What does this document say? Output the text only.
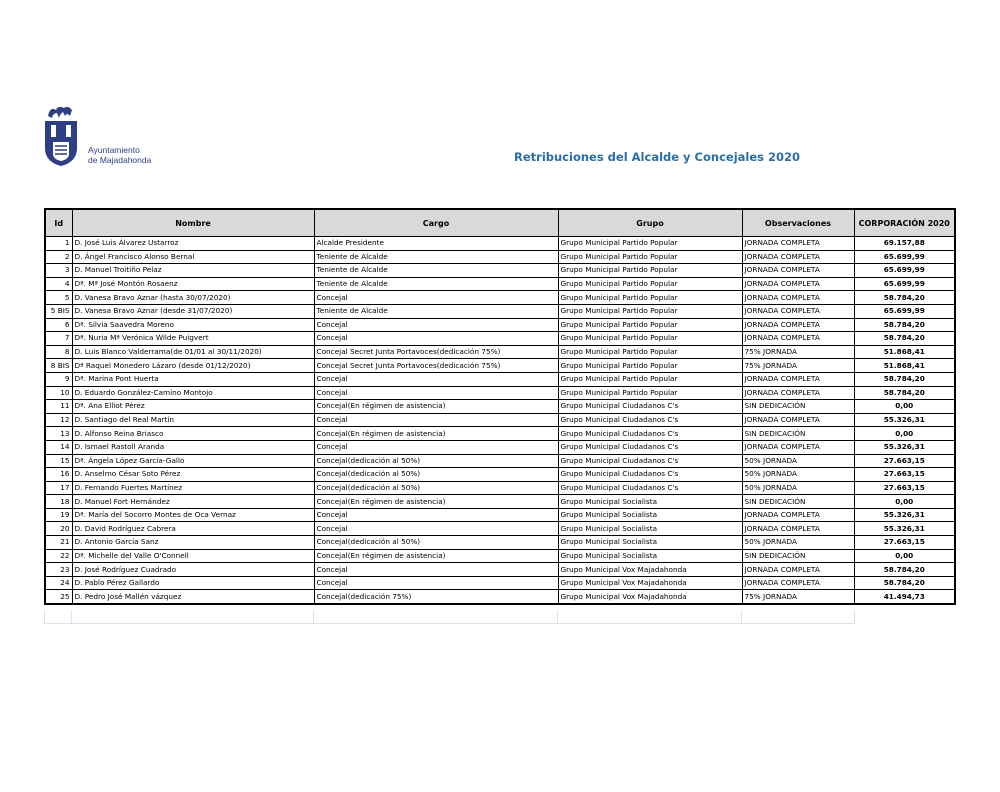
Ayuntamiento
de Majadahonda	Retribuciones del Alcalde y Concejales 2020
Id	Nombre	Cargo	Grupo	Observaciones	CORPORACIÓN 2020
1	D. José Luis Álvarez Ustarroz	Alcalde Presidente	Grupo Municipal Partido Popular	JORNADA COMPLETA	69.157,88
2	D. Ángel Francisco Alonso Bernal	Teniente de Alcalde	Grupo Municipal Partido Popular	JORNADA COMPLETA	65.699,99
3	D. Manuel Troitiño Pelaz	Teniente de Alcalde	Grupo Municipal Partido Popular	JORNADA COMPLETA	65.699,99
4	Dª. Mª José Montón Rosaenz	Teniente de Alcalde	Grupo Municipal Partido Popular	JORNADA COMPLETA	65.699,99
5	D. Vanesa Bravo Aznar (hasta 30/07/2020)	Concejal	Grupo Municipal Partido Popular	JORNADA COMPLETA	58.784,20
5 BIS	D. Vanesa Bravo Aznar (desde 31/07/2020)	Teniente de Alcalde	Grupo Municipal Partido Popular	JORNADA COMPLETA	65.699,99
6	Dª. Silvia Saavedra Moreno	Concejal	Grupo Municipal Partido Popular	JORNADA COMPLETA	58.784,20
7	Dª. Nuria Mª Verónica Wilde Puigvert	Concejal	Grupo Municipal Partido Popular	JORNADA COMPLETA	58.784,20
8	D. Luis Blanco Valderrama(de 01/01 al 30/11/2020)	Concejal Secret Junta Portavoces(dedicación 75%)	Grupo Municipal Partido Popular	75% JORNADA	51.868,41
8 BIS	Dª Raquel Monedero Lázaro (desde 01/12/2020)	Concejal Secret Junta Portavoces(dedicación 75%)	Grupo Municipal Partido Popular	75% JORNADA	51.868,41
9	Dª. Marina Pont Huerta	Concejal	Grupo Municipal Partido Popular	JORNADA COMPLETA	58.784,20
10	D. Eduardo González-Camino Montojo	Concejal	Grupo Municipal Partido Popular	JORNADA COMPLETA	58.784,20
11	Dª. Ana Elliot Pérez	Concejal(En régimen de asistencia)	Grupo Municipal Ciudadanos C's	SIN DEDICACIÓN	0,00
12	D. Santiago del Real Martín	Concejal	Grupo Municipal Ciudadanos C's	JORNADA COMPLETA	55.326,31
13	D. Alfonso Reina Briasco	Concejal(En régimen de asistencia)	Grupo Municipal Ciudadanos C's	SIN DEDICACIÓN	0,00
14	D. Ismael Rastoll Aranda	Concejal	Grupo Municipal Ciudadanos C's	JORNADA COMPLETA	55.326,31
15	Dª. Ángela López García-Gallo	Concejal(dedicación al 50%)	Grupo Municipal Ciudadanos C's	50% JORNADA	27.663,15
16	D. Anselmo César Soto Pérez	Concejal(dedicación al 50%)	Grupo Municipal Ciudadanos C's	50% JORNADA	27.663,15
17	D. Fernando Fuertes Martínez	Concejal(dedicación al 50%)	Grupo Municipal Ciudadanos C's	50% JORNADA	27.663,15
18	D. Manuel Fort Hernández	Concejal(En régimen de asistencia)	Grupo Municipal Socialista	SIN DEDICACIÓN	0,00
19	Dª. María del Socorro Montes de Oca Vernaz	Concejal	Grupo Municipal Socialista	JORNADA COMPLETA	55.326,31
20	D. David Rodríguez Cabrera	Concejal	Grupo Municipal Socialista	JORNADA COMPLETA	55.326,31
21	D. Antonio García Sanz	Concejal(dedicación al 50%)	Grupo Municipal Socialista	50% JORNADA	27.663,15
22	Dª. Michelle del Valle O'Connell	Concejal(En régimen de asistencia)	Grupo Municipal Socialista	SIN DEDICACIÓN	0,00
23	D. José Rodríguez Cuadrado	Concejal	Grupo Municipal Vox Majadahonda	JORNADA COMPLETA	58.784,20
24	D. Pablo Pérez Gallardo	Concejal	Grupo Municipal Vox Majadahonda	JORNADA COMPLETA	58.784,20
25	D. Pedro José Mallén vázquez	Concejal(dedicación 75%)	Grupo Municipal Vox Majadahonda	75% JORNADA	41.494,73
